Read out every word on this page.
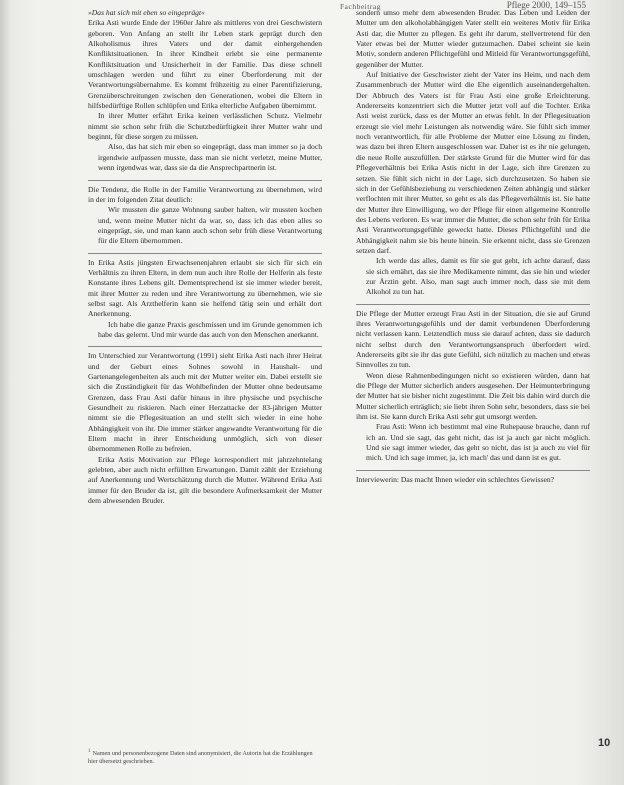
Fachbeitrag	Pflege 2000, 149–155

»Das hat sich mit eben so eingeprägt«

Erika Asti wurde Ende der 1960er Jahre als mittleres von drei Geschwistern geboren. Von Anfang an stellt ihr Leben stark geprägt durch den Alkoholismus ihres Vaters und der damit einhergehenden Konfliktsituationen. In ihrer Kindheit erlebt sie eine permanente Konfliktsituation und Unsicherheit in der Familie. Das diese schnell umschlagen werden und führt zu einer Überforderung mit der Verantwortungsübernahme. Es kommt frühzeitig zu einer Parentifizierung, Grenzüberschreitungen zwischen den Generationen, wobei die Eltern in hilfsbedürftige Rollen schlüpfen und Erika elterliche Aufgaben übernimmt.

In ihrer Mutter erfährt Erika keinen verlässlichen Schutz. Vielmehr nimmt sie schon sehr früh die Schutzbedürftigkeit ihrer Mutter wahr und beginnt, für diese sorgen zu müssen.

Also, das hat sich mir eben so eingeprägt, dass man immer so ja doch irgendwie aufpassen musste, dass man sie nicht verletzt, meine Mutter, wenn irgendwas war, dass sie da die Ansprechpartnerin ist.

Die Tendenz, die Rolle in der Familie Verantwortung zu übernehmen, wird in der im folgenden Zitat deutlich:

Wir mussten die ganze Wohnung sauber halten, wir mussten kochen und, wenn meine Mutter nicht da war, so, dass ich das eben alles so eingeprägt, sie, und man kann auch schon sehr früh diese Verantwortung für die Eltern übernommen.

In Erika Astis jüngsten Erwachsenenjahren erlaubt sie sich für sich ein Verhältnis zu ihren Eltern, in dem nun auch ihre Rolle der Helferin als feste Konstante ihres Lebens gilt. Dementsprechend ist sie immer wieder bereit, mit ihrer Mutter zu reden und ihre Verantwortung zu übernehmen, wie sie selbst sagt. Als Arzthelferin kann sie helfend tätig sein und erhält dort Anerkennung.

Ich habe die ganze Praxis geschmissen und im Grunde genommen ich habe das gelernt. Und mir wurde das auch von den Menschen anerkannt.

Im Unterschied zur Verantwortung (1991) sieht Erika Asti nach ihrer Heirat und der Geburt eines Sohnes sowohl in Haushalt- und Gartenangelegenheiten als auch mit der Mutter weiter ein. Dabei erstellt sie sich die Zuständigkeit für das Wohlbefinden der Mutter ohne bedeutsame Grenzen, dass Frau Asti dafür hinaus in ihre physische und psychische Gesundheit zu riskieren. Nach einer Herzattacke der 83-jährigen Mutter nimmt sie die Pflegesituation an und stellt sich wieder in eine hohe Abhängigkeit von ihr. Die immer stärker angewandte Verantwortung für die Eltern macht in ihrer Entscheidung unmöglich, sich von dieser übernommenen Rolle zu befreien.

Erika Astis Motivation zur Pflege korrespondiert mit jahrzehntelang gelebten, aber auch nicht erfüllten Erwartungen. Damit zählt der Erziehung auf Anerkennung und Wertschätzung durch die Mutter. Während Erika Asti immer für den Bruder da ist, gilt die besondere Aufmerksamkeit der Mutter dem abwesenden Bruder.

sondern umso mehr dem abwesenden Bruder. Das Leben und Leiden der Mutter um den alkoholabhängigen Vater stellt ein weiteres Motiv für Erika Asti dar, die Mutter zu pflegen. Es geht ihr darum, stellvertretend für den Vater etwas bei der Mutter wieder gutzumachen. Dabei scheint sie kein Motiv, sondern anderen Pflichtgefühl und Mitleid für Verantwortungsgefühl, gegenüber der Mutter.

Auf Initiative der Geschwister zieht der Vater ins Heim, und nach dem Zusammenbruch der Mutter wird die Ehe eigentlich auseinandergehalten. Der Abbruch des Vaters ist für Frau Asti eine große Erleichterung. Andererseits konzentriert sich die Mutter jetzt voll auf die Tochter. Erika Asti weist zurück, dass es der Mutter an etwas fehlt. In der Pflegesituation erzeugt sie viel mehr Leistungen als notwendig wäre. Sie fühlt sich immer noch verantwortlich, für alle Probleme der Mutter eine Lösung zu finden, was dazu bei ihren Eltern ausgeschlossen war. Daher ist es ihr nie gelungen, die neue Rolle auszufüllen. Der stärkste Grund für die Mutter wird für das Pflegeverhältnis bei Erika Astis nicht in der Lage, sich ihre Grenzen zu setzen. Sie fühlt sich nicht in der Lage, sich durchzusetzen. So haben sie sich in der Gefühlsbeziehung zu verschiedenen Zeiten abhängig und stärker verflochten mit ihrer Mutter, so geht es als das Pflegeverhältnis ist. Sie hatte der Mutter ihre Einwilligung, wo der Pflege für einen allgemeine Kontrolle des Lebens verloren. Es war immer die Mutter, die schon sehr früh für Erika Asti Verantwortungsgefühle geweckt hatte. Dieses Pflichtgefühl und die Abhängigkeit nahm sie bis heute hinein. Sie erkennt nicht, dass sie Grenzen setzen darf.

Ich werde das alles, damit es für sie gut geht, ich achte darauf, dass sie sich ernährt, das sie ihre Medikamente nimmt, das sie hin und wieder zur Ärztin geht. Also, man sagt auch immer noch, dass sie mit dem Alkohol zu tun hat.

Die Pflege der Mutter erzeugt Frau Asti in der Situation, die sie auf Grund ihres Verantwortungsgefühls und der damit verbundenen Überforderung nicht verlassen kann. Letztendlich muss sie darauf achten, dass sie dadurch nicht selbst durch den Verantwortungsanspruch überfordert wird. Andererseits gibt sie ihr das gute Gefühl, sich nützlich zu machen und etwas Sinnvolles zu tun.

Wenn diese Rahmenbedingungen nicht so existieren würden, dann hat die Pflege der Mutter sicherlich anders ausgesehen. Der Heimunterbringung der Mutter hat sie bisher nicht zugestimmt. Die Zeit bis dahin wird durch die Mutter sicherlich erträglich; sie liebt ihren Sohn sehr, besonders, dass sie bei ihm ist. Sie kann durch Erika Asti sehr gut umsorgt werden.

Frau Asti: Wenn ich bestimmt mal eine Ruhepause brauche, dann ruf ich an. Und sie sagt, das geht nicht, das ist ja auch gar nicht möglich. Und sie sagt immer wieder, das geht so nicht, das ist ja auch zu viel für mich. Und ich sage immer, ja, ich mach' das und dann ist es gut.

Interviewerin: Das macht Ihnen wieder ein schlechtes Gewissen?

$^1$ Namen und personenbezogene Daten sind anonymisiert, die Autorin hat die Erzählungen hier übersetzt geschrieben.
10
